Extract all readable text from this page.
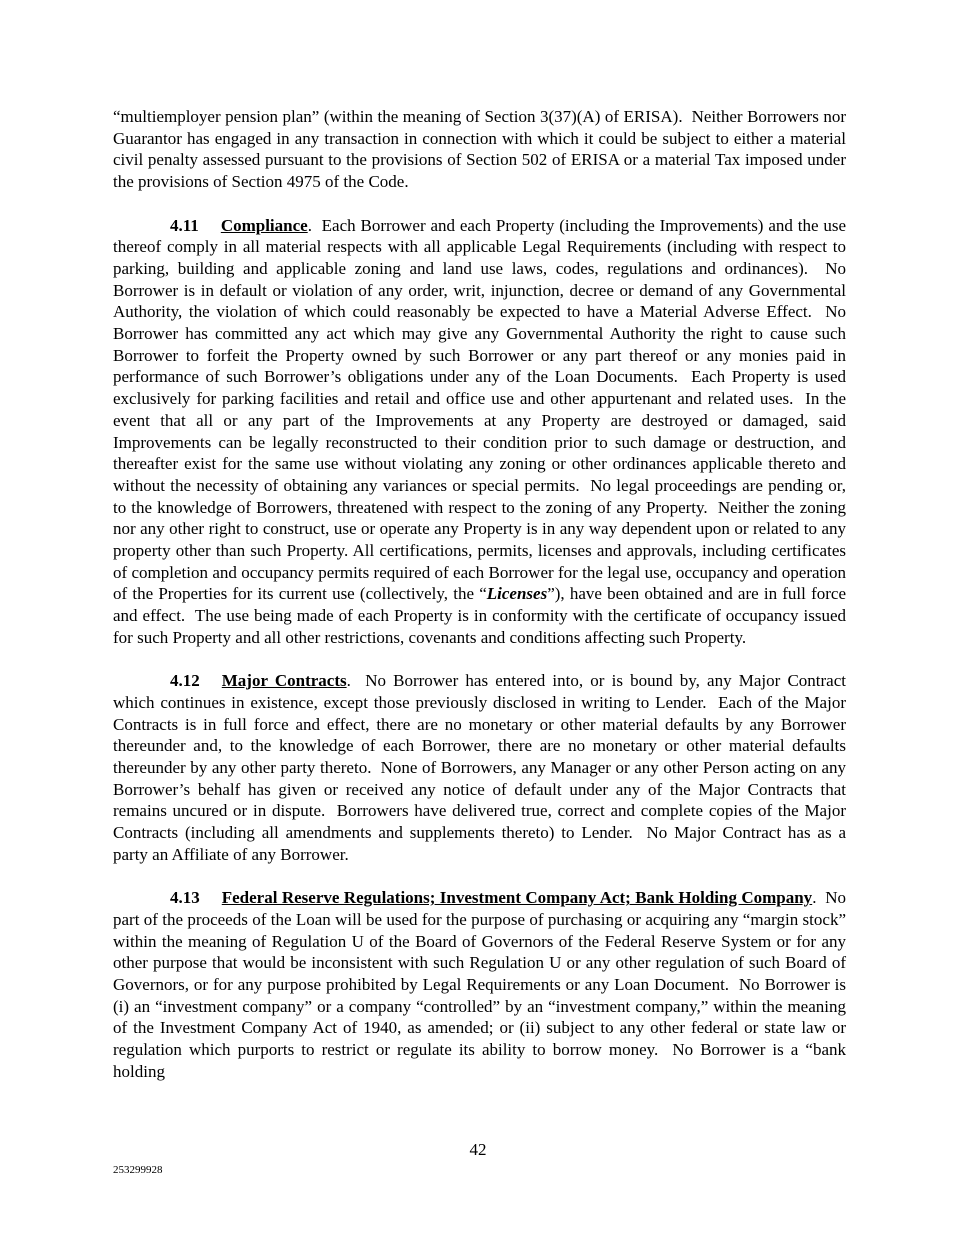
“multiemployer pension plan” (within the meaning of Section 3(37)(A) of ERISA).  Neither Borrowers nor Guarantor has engaged in any transaction in connection with which it could be subject to either a material civil penalty assessed pursuant to the provisions of Section 502 of ERISA or a material Tax imposed under the provisions of Section 4975 of the Code.

4.11 Compliance.  Each Borrower and each Property (including the Improvements) and the use thereof comply in all material respects with all applicable Legal Requirements (including with respect to parking, building and applicable zoning and land use laws, codes, regulations and ordinances).  No Borrower is in default or violation of any order, writ, injunction, decree or demand of any Governmental Authority, the violation of which could reasonably be expected to have a Material Adverse Effect.  No Borrower has committed any act which may give any Governmental Authority the right to cause such Borrower to forfeit the Property owned by such Borrower or any part thereof or any monies paid in performance of such Borrower’s obligations under any of the Loan Documents.  Each Property is used exclusively for parking facilities and retail and office use and other appurtenant and related uses.  In the event that all or any part of the Improvements at any Property are destroyed or damaged, said Improvements can be legally reconstructed to their condition prior to such damage or destruction, and thereafter exist for the same use without violating any zoning or other ordinances applicable thereto and without the necessity of obtaining any variances or special permits.  No legal proceedings are pending or, to the knowledge of Borrowers, threatened with respect to the zoning of any Property.  Neither the zoning nor any other right to construct, use or operate any Property is in any way dependent upon or related to any property other than such Property. All certifications, permits, licenses and approvals, including certificates of completion and occupancy permits required of each Borrower for the legal use, occupancy and operation of the Properties for its current use (collectively, the “Licenses”), have been obtained and are in full force and effect.  The use being made of each Property is in conformity with the certificate of occupancy issued for such Property and all other restrictions, covenants and conditions affecting such Property.

4.12 Major Contracts.  No Borrower has entered into, or is bound by, any Major Contract which continues in existence, except those previously disclosed in writing to Lender.  Each of the Major Contracts is in full force and effect, there are no monetary or other material defaults by any Borrower thereunder and, to the knowledge of each Borrower, there are no monetary or other material defaults thereunder by any other party thereto.  None of Borrowers, any Manager or any other Person acting on any Borrower’s behalf has given or received any notice of default under any of the Major Contracts that remains uncured or in dispute.  Borrowers have delivered true, correct and complete copies of the Major Contracts (including all amendments and supplements thereto) to Lender.  No Major Contract has as a party an Affiliate of any Borrower.

4.13 Federal Reserve Regulations; Investment Company Act; Bank Holding Company.  No part of the proceeds of the Loan will be used for the purpose of purchasing or acquiring any “margin stock” within the meaning of Regulation U of the Board of Governors of the Federal Reserve System or for any other purpose that would be inconsistent with such Regulation U or any other regulation of such Board of Governors, or for any purpose prohibited by Legal Requirements or any Loan Document.  No Borrower is (i) an “investment company” or a company “controlled” by an “investment company,” within the meaning of the Investment Company Act of 1940, as amended; or (ii) subject to any other federal or state law or regulation which purports to restrict or regulate its ability to borrow money.  No Borrower is a “bank holding

42
253299928
